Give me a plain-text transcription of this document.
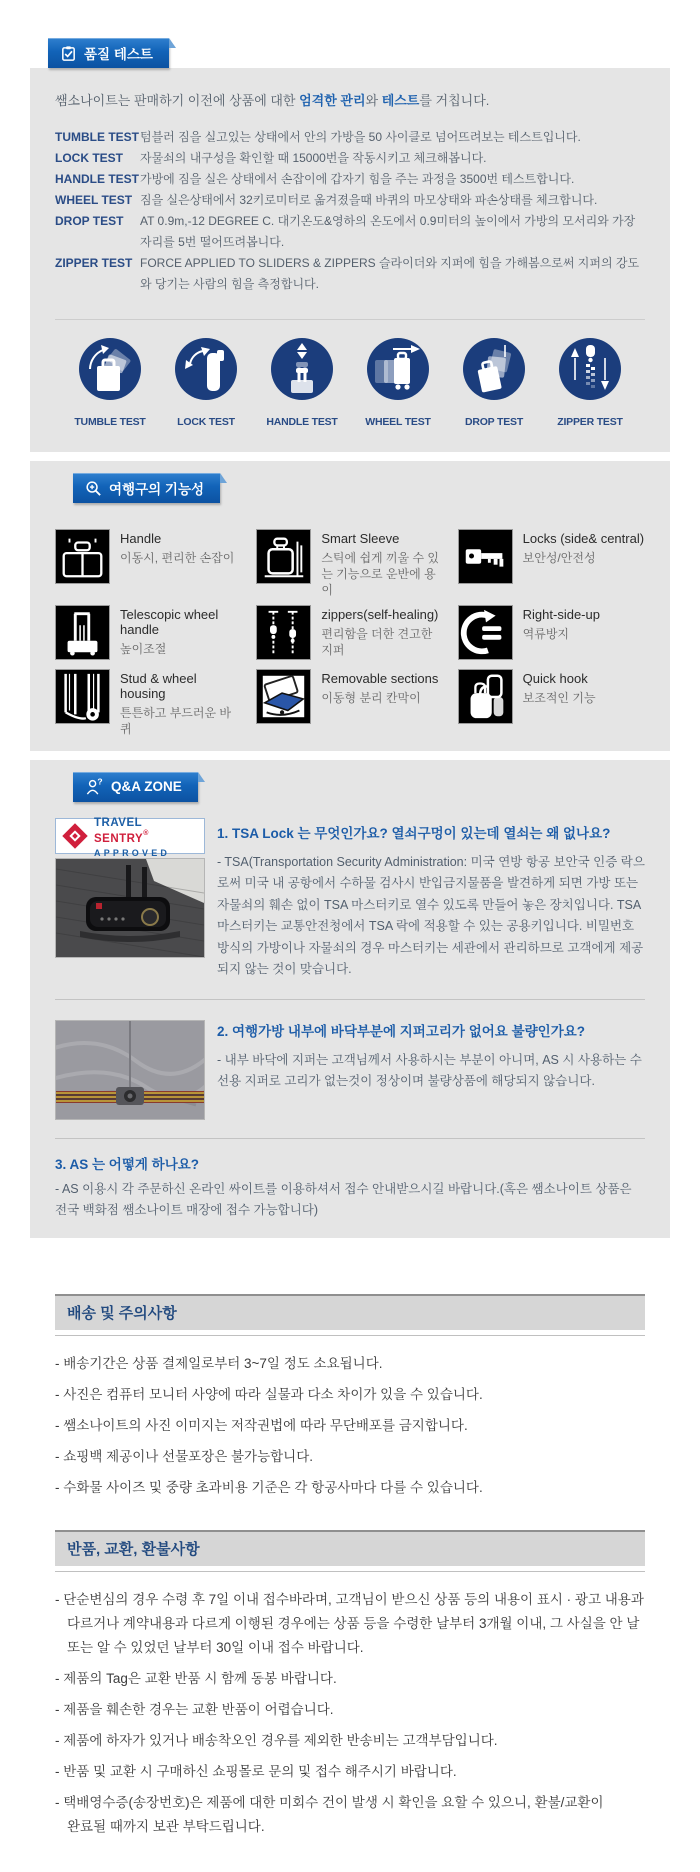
품질 테스트

쌤소나이트는 판매하기 이전에 상품에 대한 엄격한 관리와 테스트를 거칩니다.

TUMBLE TEST 텀블러 짐을 실고있는 상태에서 안의 가방을 50 사이클로 넘어뜨려보는 테스트입니다.
LOCK TEST	자물쇠의 내구성을 확인할 때 15000번을 작동시키고 체크해봅니다.
HANDLE TEST 가방에 짐을 실은 상태에서 손잡이에 갑자기 힘을 주는 과정을 3500번 테스트합니다.
WHEEL TEST 짐을 실은상태에서 32키로미터로 옮겨졌을때 바퀴의 마모상태와 파손상태를 체크합니다.
DROP TEST	AT 0.9m,-12 DEGREE C. 대기온도&영하의 온도에서 0.9미터의 높이에서 가방의 모서리와 가장자리를 5번 떨어뜨려봅니다.
ZIPPER TEST FORCE APPLIED TO SLIDERS & ZIPPERS 슬라이더와 지퍼에 힘을 가해봄으로써 지퍼의 강도와 당기는 사람의 힘을 측정합니다.
TUMBLE TEST	LOCK TEST	HANDLE TEST	WHEEL TEST	DROP TEST	ZIPPER TEST
여행구의 기능성
Handle
이동시, 편리한 손잡이
Smart Sleeve
스틱에 쉽게 끼울 수 있는 기능으로 운반에 용이
Locks (side& central)
보안성/안전성
Telescopic wheel handle
높이조절
zippers(self-healing)
편리함을 더한 견고한 지퍼
Right-side-up
역류방지
Stud & wheel housing
튼튼하고 부드러운 바퀴
Removable sections
이동형 분리 칸막이
Quick hook
보조적인 기능
? Q&A ZONE
TRAVEL SENTRY®
APPROVED
1. TSA Lock 는 무엇인가요? 열쇠구멍이 있는데 열쇠는 왜 없나요?
- TSA(Transportation Security Administration: 미국 연방 항공 보안국 인증 락으로써 미국 내 공항에서 수하물 검사시 반입금지물품을 발견하게 되면 가방 또는 자물쇠의 훼손 없이 TSA 마스터키로 열수 있도록 만들어 놓은 장치입니다. TSA 마스터키는 교통안전청에서 TSA 락에 적용할 수 있는 공용키입니다. 비밀번호 방식의 가방이나 자물쇠의 경우 마스터키는 세관에서 관리하므로 고객에게 제공되지 않는 것이 맞습니다.
2. 여행가방 내부에 바닥부분에 지퍼고리가 없어요 불량인가요?
- 내부 바닥에 지퍼는 고객님께서 사용하시는 부분이 아니며, AS 시 사용하는 수선용 지퍼로 고리가 없는것이 정상이며 불량상품에 해당되지 않습니다.
3. AS 는 어떻게 하나요?
- AS 이용시 각 주문하신 온라인 싸이트를 이용하셔서 접수 안내받으시길 바랍니다.(혹은 쌤소나이트 상품은 전국 백화점 쌤소나이트 매장에 접수 가능합니다)
배송 및 주의사항
- 배송기간은 상품 결제일로부터 3~7일 정도 소요됩니다.
- 사진은 컴퓨터 모니터 사양에 따라 실물과 다소 차이가 있을 수 있습니다.
- 쌤소나이트의 사진 이미지는 저작권법에 따라 무단배포를 금지합니다.
- 쇼핑백 제공이나 선물포장은 불가능합니다.
- 수화물 사이즈 및 중량 초과비용 기준은 각 항공사마다 다를 수 있습니다.
반품, 교환, 환불사항
- 단순변심의 경우 수령 후 7일 이내 접수바라며, 고객님이 받으신 상품 등의 내용이 표시 · 광고 내용과 다르거나 계약내용과 다르게 이행된 경우에는 상품 등을 수령한 날부터 3개월 이내, 그 사실을 안 날 또는 알 수 있었던 날부터 30일 이내 접수 바랍니다.
- 제품의 Tag은 교환 반품 시 함께 동봉 바랍니다.
- 제품을 훼손한 경우는 교환 반품이 어렵습니다.
- 제품에 하자가 있거나 배송착오인 경우를 제외한 반송비는 고객부담입니다.
- 반품 및 교환 시 구매하신 쇼핑몰로 문의 및 접수 해주시기 바랍니다.
- 택배영수증(송장번호)은 제품에 대한 미회수 건이 발생 시 확인을 요할 수 있으니, 환불/교환이 완료될 때까지 보관 부탁드립니다.
